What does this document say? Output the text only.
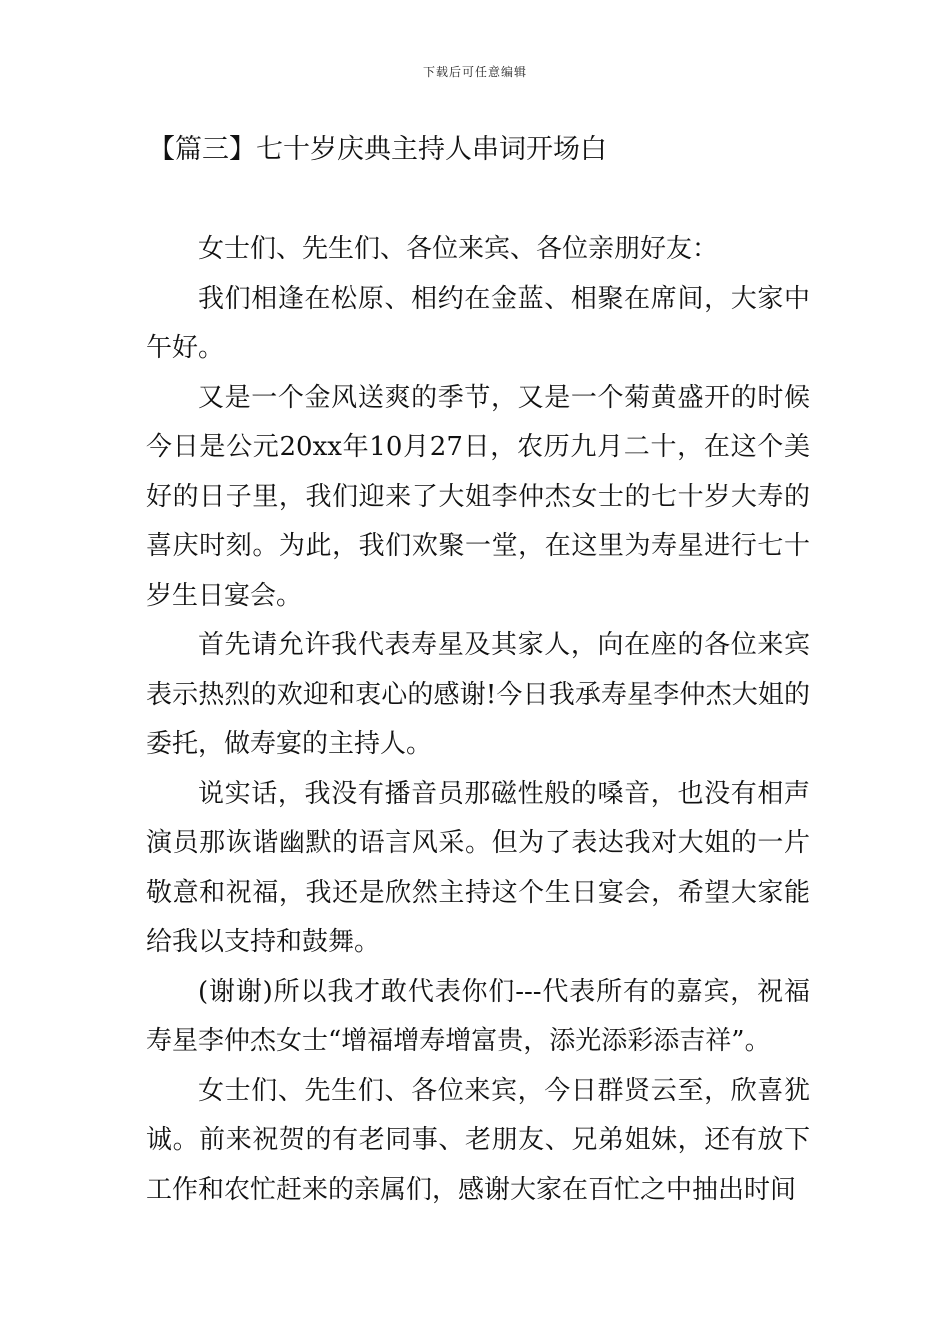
下载后可任意编辑
【篇三】七十岁庆典主持人串词开场白

女士们、先生们、各位来宾、各位亲朋好友：

我们相逢在松原、相约在金蓝、相聚在席间，大家中午好。

又是一个金风送爽的季节，又是一个菊黄盛开的时候今日是公元20xx年10月27日，农历九月二十，在这个美好的日子里，我们迎来了大姐李仲杰女士的七十岁大寿的喜庆时刻。为此，我们欢聚一堂，在这里为寿星进行七十岁生日宴会。

首先请允许我代表寿星及其家人，向在座的各位来宾表示热烈的欢迎和衷心的感谢!今日我承寿星李仲杰大姐的委托，做寿宴的主持人。

说实话，我没有播音员那磁性般的嗓音，也没有相声演员那诙谐幽默的语言风采。但为了表达我对大姐的一片敬意和祝福，我还是欣然主持这个生日宴会，希望大家能给我以支持和鼓舞。

(谢谢)所以我才敢代表你们---代表所有的嘉宾，祝福寿星李仲杰女士“增福增寿增富贵，添光添彩添吉祥”。

女士们、先生们、各位来宾，今日群贤云至，欣喜犹诚。前来祝贺的有老同事、老朋友、兄弟姐妹，还有放下工作和农忙赶来的亲属们，感谢大家在百忙之中抽出时间
